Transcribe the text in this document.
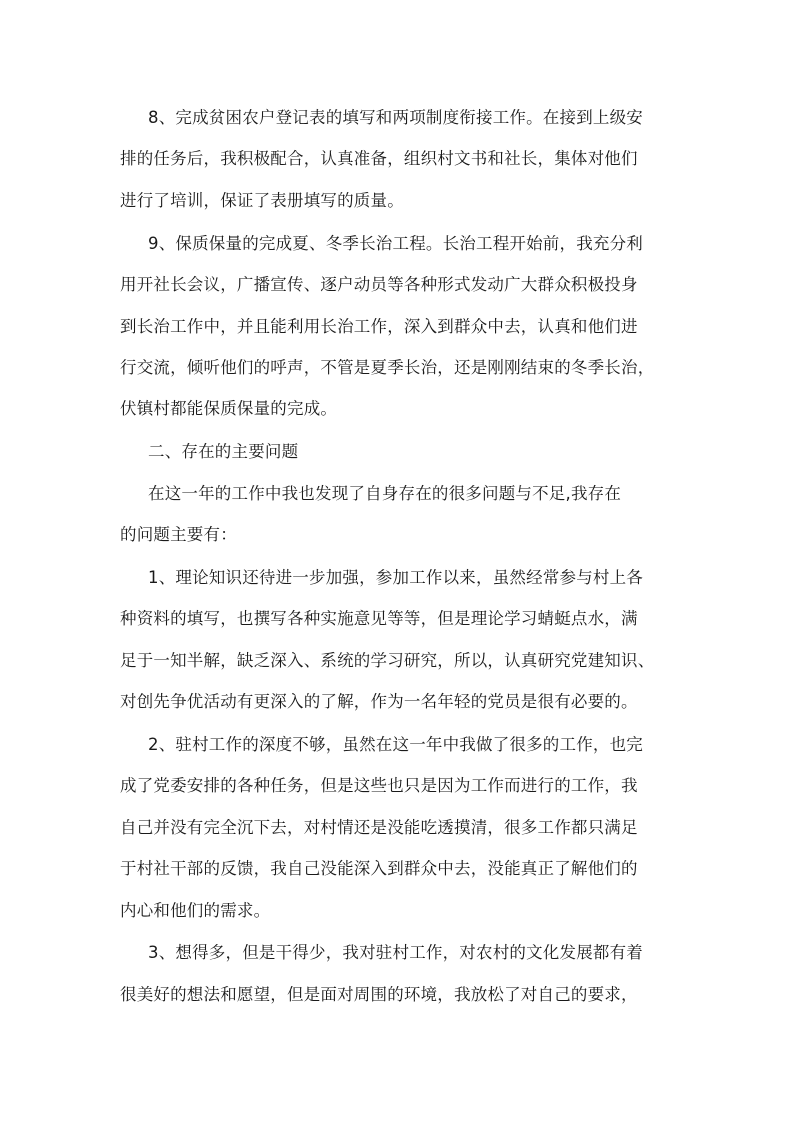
8、完成贫困农户登记表的填写和两项制度衔接工作。在接到上级安
排的任务后，我积极配合，认真准备，组织村文书和社长，集体对他们
进行了培训，保证了表册填写的质量。
9、保质保量的完成夏、冬季长治工程。长治工程开始前，我充分利
用开社长会议，广播宣传、逐户动员等各种形式发动广大群众积极投身
到长治工作中，并且能利用长治工作，深入到群众中去，认真和他们进
行交流，倾听他们的呼声，不管是夏季长治，还是刚刚结束的冬季长治，
伏镇村都能保质保量的完成。
二、存在的主要问题
在这一年的工作中我也发现了自身存在的很多问题与不足,我存在
的问题主要有：
1、理论知识还待进一步加强，参加工作以来，虽然经常参与村上各
种资料的填写，也撰写各种实施意见等等，但是理论学习蜻蜓点水，满
足于一知半解，缺乏深入、系统的学习研究，所以，认真研究党建知识、
对创先争优活动有更深入的了解，作为一名年轻的党员是很有必要的。
2、驻村工作的深度不够，虽然在这一年中我做了很多的工作，也完
成了党委安排的各种任务，但是这些也只是因为工作而进行的工作，我
自己并没有完全沉下去，对村情还是没能吃透摸清，很多工作都只满足
于村社干部的反馈，我自己没能深入到群众中去，没能真正了解他们的
内心和他们的需求。
3、想得多，但是干得少，我对驻村工作，对农村的文化发展都有着
很美好的想法和愿望，但是面对周围的环境，我放松了对自己的要求，
